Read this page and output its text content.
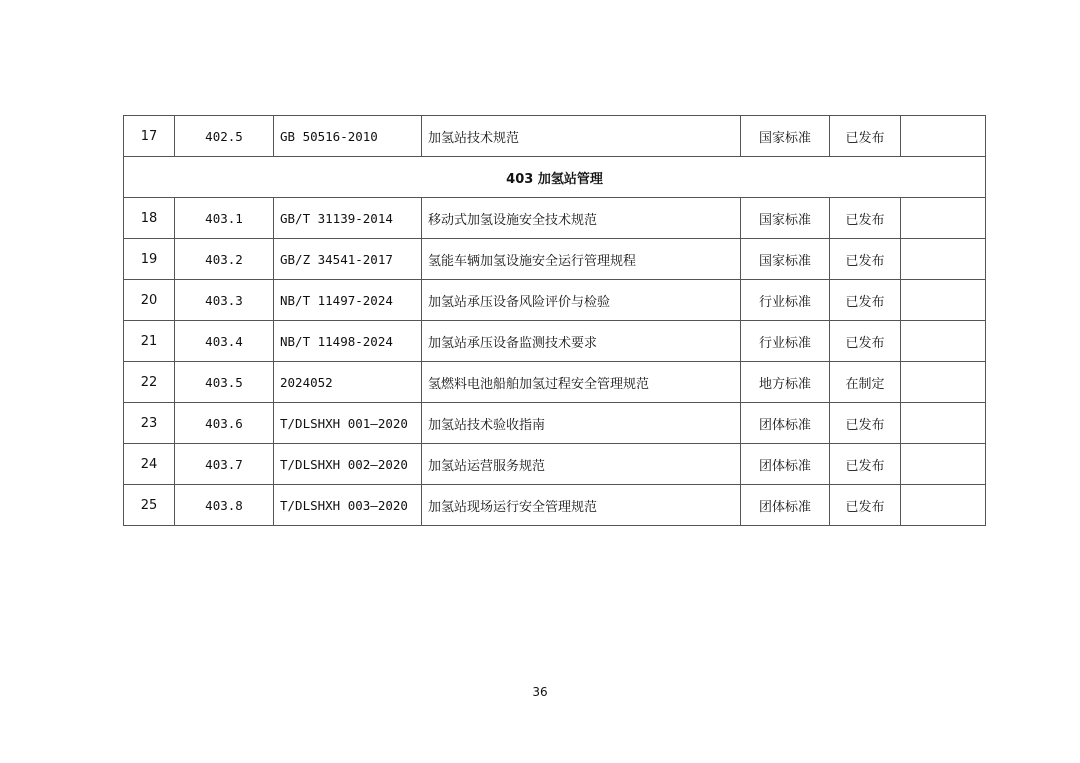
17	402.5	GB 50516-2010	加氢站技术规范	国家标准	已发布	
403 加氢站管理						
18	403.1	GB/T 31139-2014	移动式加氢设施安全技术规范	国家标准	已发布	
19	403.2	GB/Z 34541-2017	氢能车辆加氢设施安全运行管理规程	国家标准	已发布	
20	403.3	NB/T 11497-2024	加氢站承压设备风险评价与检验	行业标准	已发布	
21	403.4	NB/T 11498-2024	加氢站承压设备监测技术要求	行业标准	已发布	
22	403.5	2024052	氢燃料电池船舶加氢过程安全管理规范	地方标准	在制定	
23	403.6	T/DLSHXH 001—2020	加氢站技术验收指南	团体标准	已发布	
24	403.7	T/DLSHXH 002—2020	加氢站运营服务规范	团体标准	已发布	
25	403.8	T/DLSHXH 003—2020	加氢站现场运行安全管理规范	团体标准	已发布	
36
